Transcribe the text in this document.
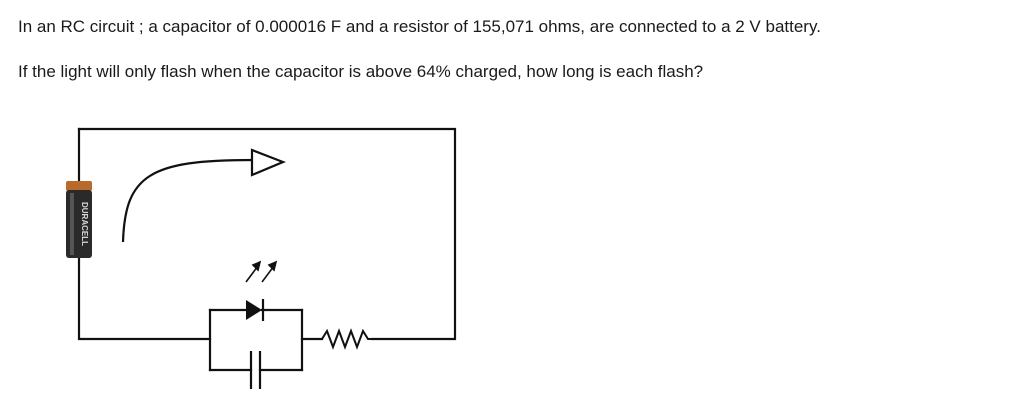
In an RC circuit ; a capacitor of 0.000016 F and a resistor of 155,071 ohms, are connected to a 2 V battery.
If the light will only flash when the capacitor is above 64% charged, how long is each flash?
DURACELL
